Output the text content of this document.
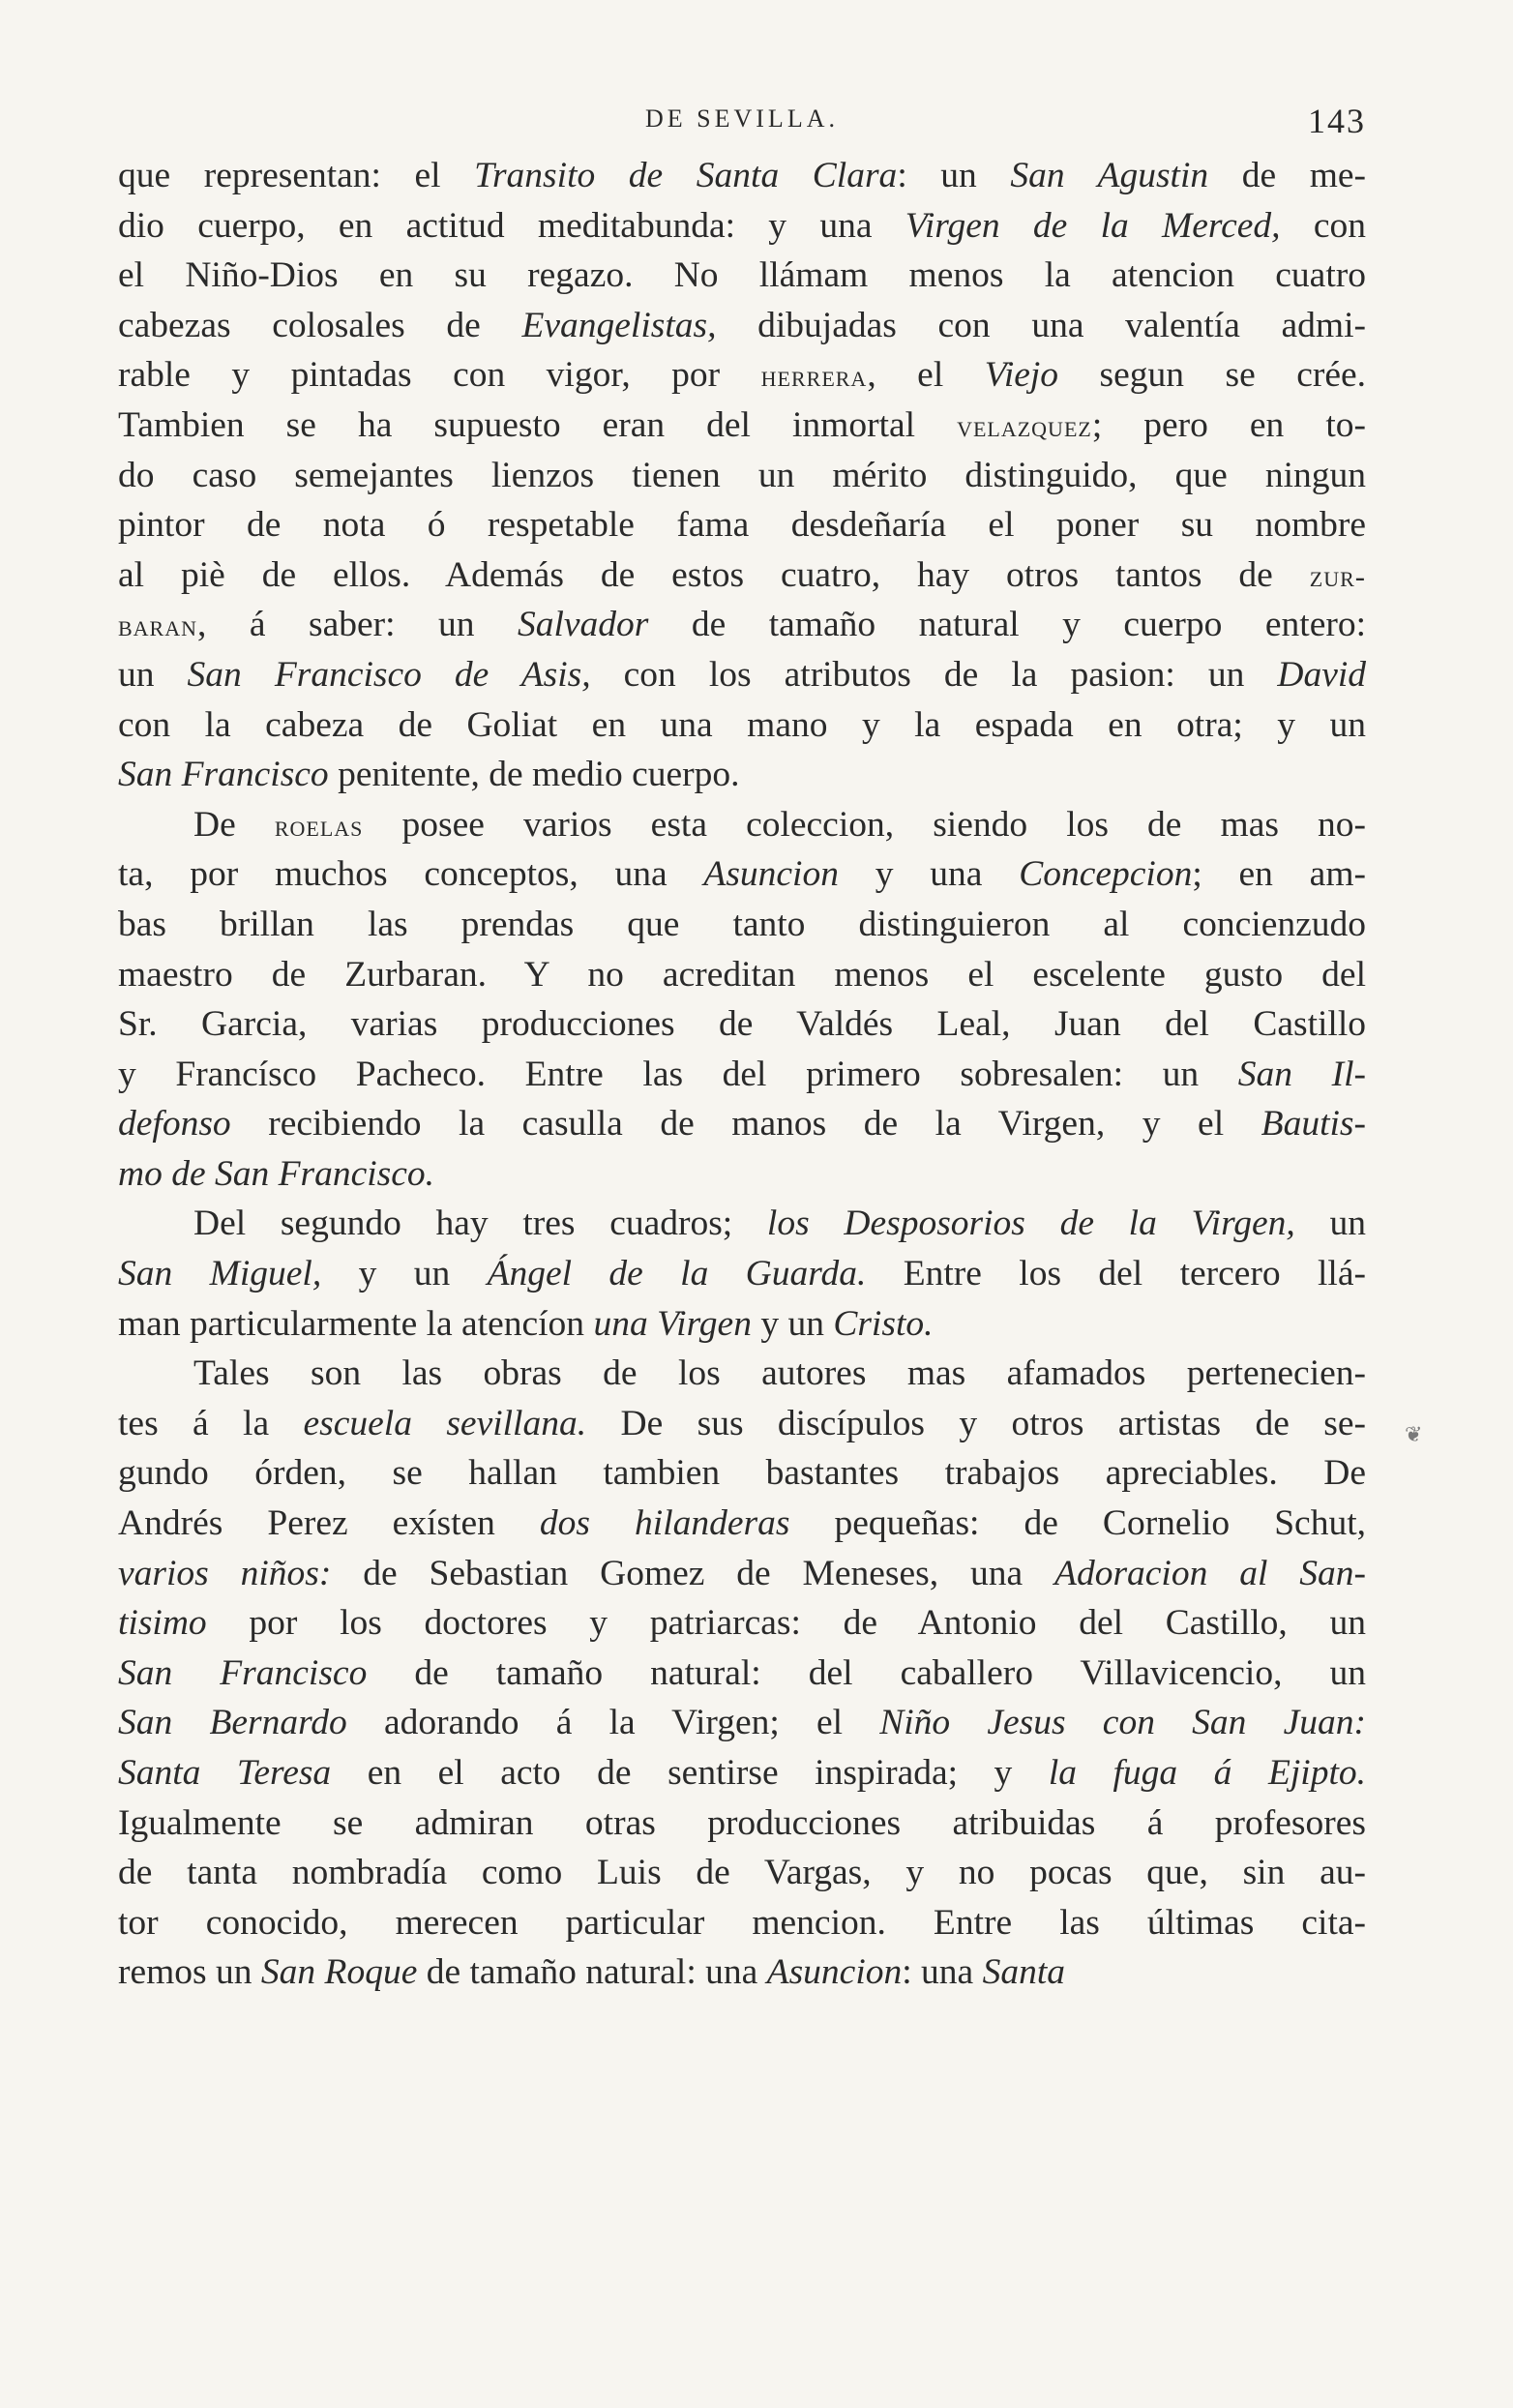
DE SEVILLA.	143
que representan: el Transito de Santa Clara: un San Agustin de me-
dio cuerpo, en actitud meditabunda: y una Virgen de la Merced, con
el Niño-Dios en su regazo. No llámam menos la atencion cuatro
cabezas colosales de Evangelistas, dibujadas con una valentía admi-
rable y pintadas con vigor, por herrera, el Viejo segun se crée.
Tambien se ha supuesto eran del inmortal velazquez; pero en to-
do caso semejantes lienzos tienen un mérito distinguido, que ningun
pintor de nota ó respetable fama desdeñaría el poner su nombre
al piè de ellos. Además de estos cuatro, hay otros tantos de zur-
baran, á saber: un Salvador de tamaño natural y cuerpo entero:
un San Francisco de Asis, con los atributos de la pasion: un David
con la cabeza de Goliat en una mano y la espada en otra; y un
San Francisco penitente, de medio cuerpo.
De roelas posee varios esta coleccion, siendo los de mas no-
ta, por muchos conceptos, una Asuncion y una Concepcion; en am-
bas brillan las prendas que tanto distinguieron al concienzudo
maestro de Zurbaran. Y no acreditan menos el escelente gusto del
Sr. Garcia, varias producciones de Valdés Leal, Juan del Castillo
y Francísco Pacheco. Entre las del primero sobresalen: un San Il-
defonso recibiendo la casulla de manos de la Virgen, y el Bautis-
mo de San Francisco.
Del segundo hay tres cuadros; los Desposorios de la Virgen, un
San Miguel, y un Ángel de la Guarda. Entre los del tercero llá-
man particularmente la atencíon una Virgen y un Cristo.
Tales son las obras de los autores mas afamados pertenecien-
tes á la escuela sevillana. De sus discípulos y otros artistas de se-
gundo órden, se hallan tambien bastantes trabajos apreciables. De
Andrés Perez exísten dos hilanderas pequeñas: de Cornelio Schut,
varios niños: de Sebastian Gomez de Meneses, una Adoracion al San-
tisimo por los doctores y patriarcas: de Antonio del Castillo, un
San Francisco de tamaño natural: del caballero Villavicencio, un
San Bernardo adorando á la Virgen; el Niño Jesus con San Juan:
Santa Teresa en el acto de sentirse inspirada; y la fuga á Ejipto.
Igualmente se admiran otras producciones atribuidas á profesores
de tanta nombradía como Luis de Vargas, y no pocas que, sin au-
tor conocido, merecen particular mencion. Entre las últimas cita-
remos un San Roque de tamaño natural: una Asuncion: una Santa
❦
